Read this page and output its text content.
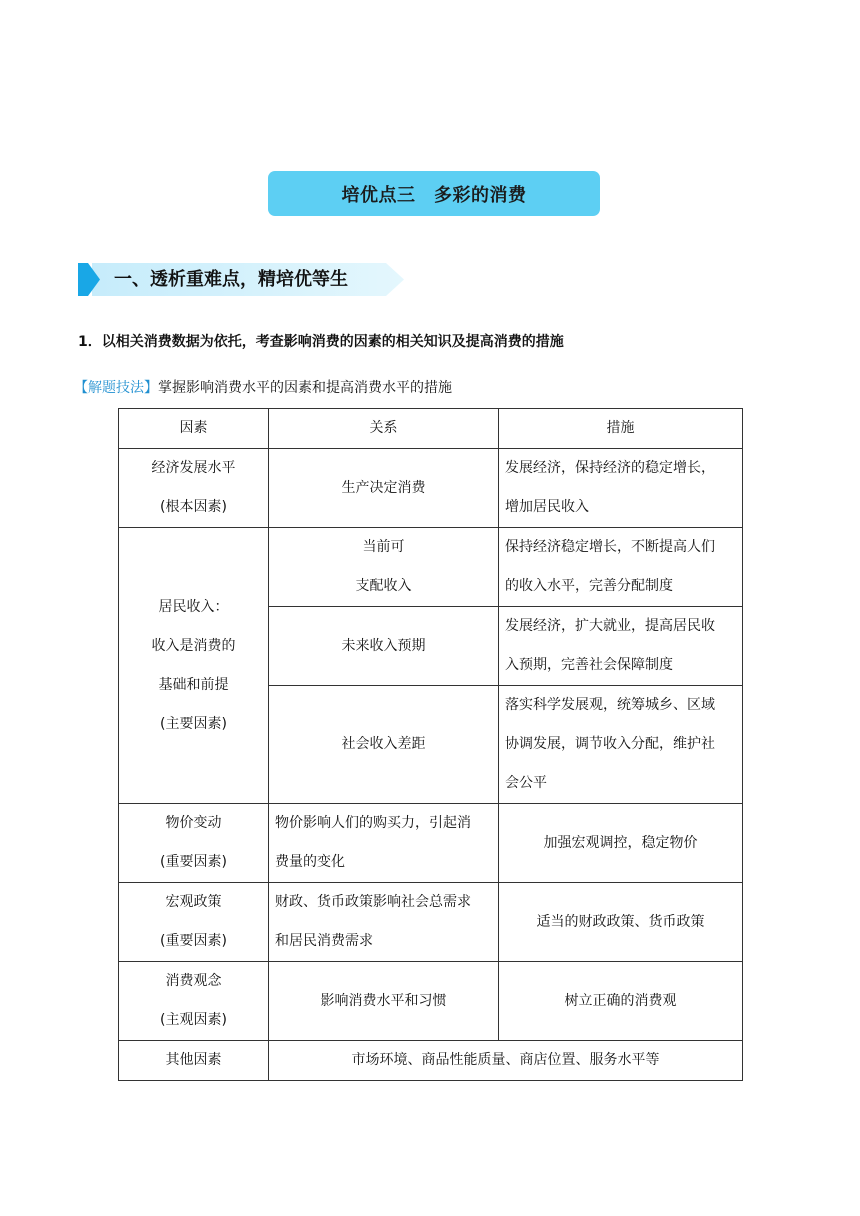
培优点三　多彩的消费
一、透析重难点，精培优等生
1．以相关消费数据为依托，考查影响消费的因素的相关知识及提高消费的措施
【解题技法】掌握影响消费水平的因素和提高消费水平的措施
因素	关系	措施

经济发展水平
(根本因素)	生产决定消费	发展经济，保持经济的稳定增长，
增加居民收入

居民收入：
收入是消费的
基础和前提
(主要因素)	当前可
支配收入	保持经济稳定增长，不断提高人们
的收入水平，完善分配制度

	未来收入预期	发展经济，扩大就业，提高居民收
入预期，完善社会保障制度

	社会收入差距	落实科学发展观，统筹城乡、区域
协调发展，调节收入分配，维护社
会公平

物价变动
(重要因素)	物价影响人们的购买力，引起消
费量的变化	加强宏观调控，稳定物价

宏观政策
(重要因素)	财政、货币政策影响社会总需求
和居民消费需求	适当的财政政策、货币政策

消费观念
(主观因素)	影响消费水平和习惯	树立正确的消费观

其他因素	市场环境、商品性能质量、商店位置、服务水平等	
